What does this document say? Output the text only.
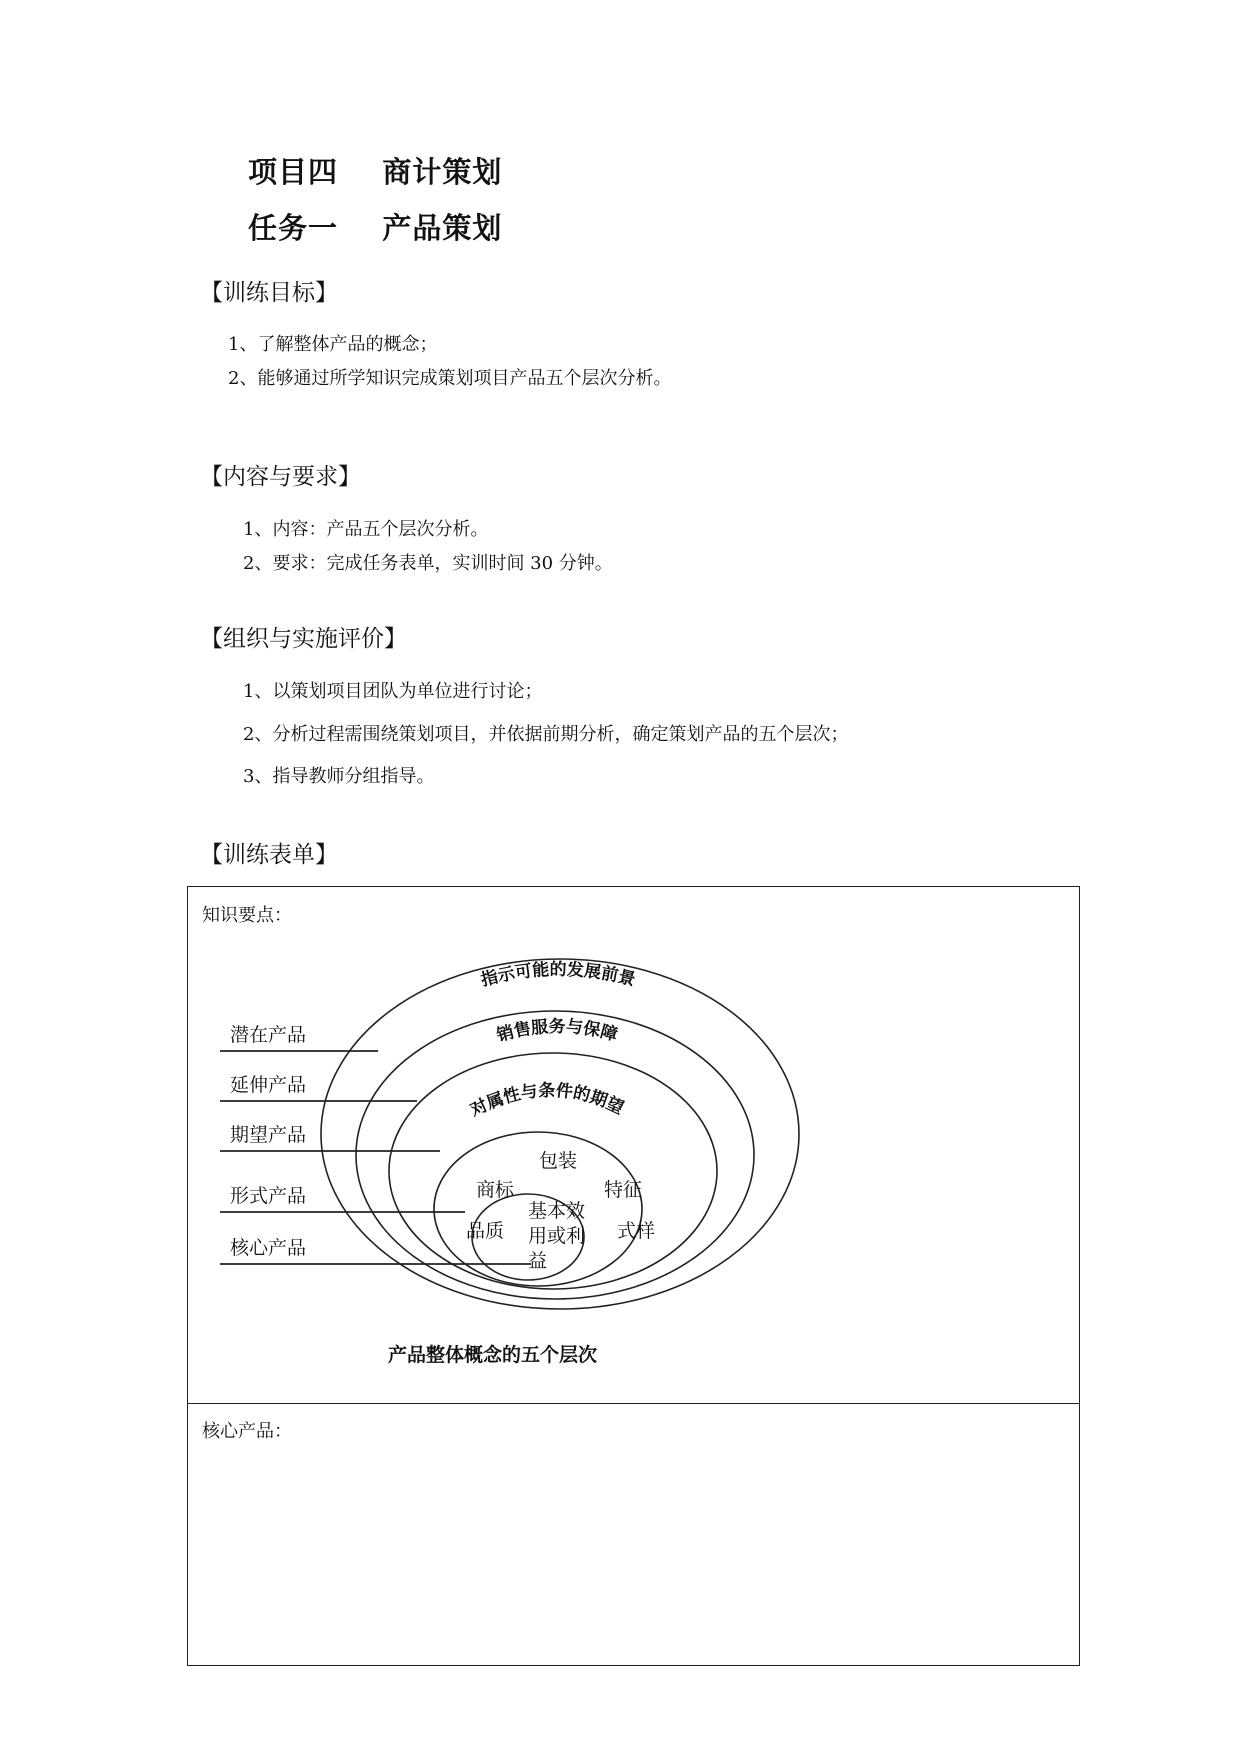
项目四    商计策划
任务一    产品策划
【训练目标】
1、了解整体产品的概念；
2、能够通过所学知识完成策划项目产品五个层次分析。
【内容与要求】
1、内容：产品五个层次分析。
2、要求：完成任务表单，实训时间 30 分钟。
【组织与实施评价】
1、以策划项目团队为单位进行讨论；
2、分析过程需围绕策划项目，并依据前期分析，确定策划产品的五个层次；
3、指导教师分组指导。
【训练表单】
知识要点：
潜在产品
延伸产品
期望产品
形式产品
核心产品
指示可能的发展前景
销售服务与保障
对属性与条件的期望
包装
商标	特征
品质	式样
基本效
用或利
益
产品整体概念的五个层次
核心产品：
